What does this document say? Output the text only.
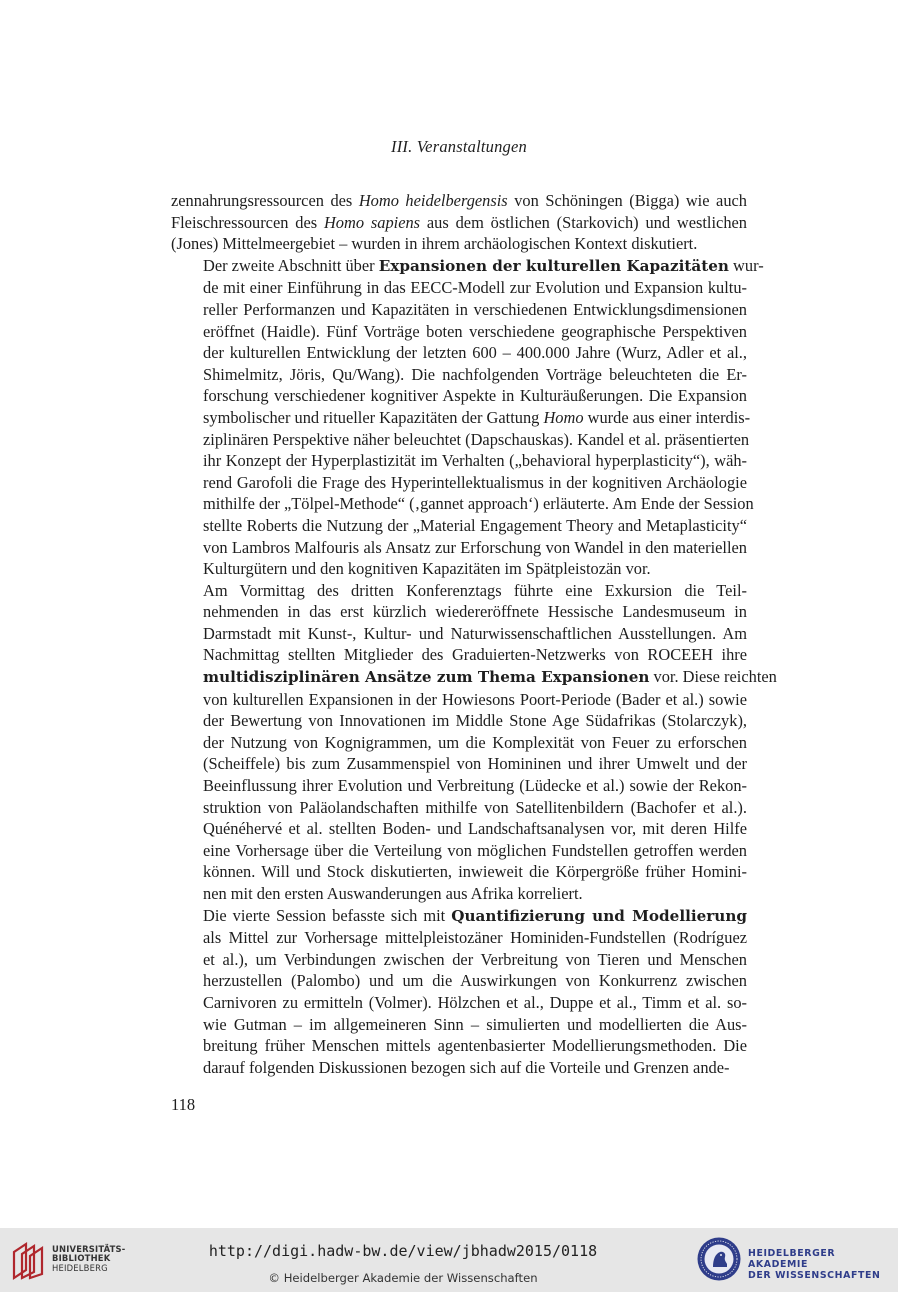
III. Veranstaltungen
zennahrungsressourcen des Homo heidelbergensis von Schöningen (Bigga) wie auch
Fleischressourcen des Homo sapiens aus dem östlichen (Starkovich) und westlichen
(Jones) Mittelmeergebiet – wurden in ihrem archäologischen Kontext diskutiert.
Der zweite Abschnitt über Expansionen der kulturellen Kapazitäten wur-
de mit einer Einführung in das EECC-Modell zur Evolution und Expansion kultu-
reller Performanzen und Kapazitäten in verschiedenen Entwicklungsdimensionen
eröffnet (Haidle). Fünf Vorträge boten verschiedene geographische Perspektiven
der kulturellen Entwicklung der letzten 600 – 400.000 Jahre (Wurz, Adler et al.,
Shimelmitz, Jöris, Qu/Wang). Die nachfolgenden Vorträge beleuchteten die Er-
forschung verschiedener kognitiver Aspekte in Kulturäußerungen. Die Expansion
symbolischer und ritueller Kapazitäten der Gattung Homo wurde aus einer interdis-
ziplinären Perspektive näher beleuchtet (Dapschauskas). Kandel et al. präsentierten
ihr Konzept der Hyperplastizität im Verhalten („behavioral hyperplasticity“), wäh-
rend Garofoli die Frage des Hyperintellektualismus in der kognitiven Archäologie
mithilfe der „Tölpel-Methode“ (‚gannet approach‘) erläuterte. Am Ende der Session
stellte Roberts die Nutzung der „Material Engagement Theory and Metaplasticity“
von Lambros Malfouris als Ansatz zur Erforschung von Wandel in den materiellen
Kulturgütern und den kognitiven Kapazitäten im Spätpleistozän vor.
Am Vormittag des dritten Konferenztags führte eine Exkursion die Teil-
nehmenden in das erst kürzlich wiedereröffnete Hessische Landesmuseum in
Darmstadt mit Kunst-, Kultur- und Naturwissenschaftlichen Ausstellungen. Am
Nachmittag stellten Mitglieder des Graduierten-Netzwerks von ROCEEH ihre
multidisziplinären Ansätze zum Thema Expansionen vor. Diese reichten
von kulturellen Expansionen in der Howiesons Poort-Periode (Bader et al.) sowie
der Bewertung von Innovationen im Middle Stone Age Südafrikas (Stolarczyk),
der Nutzung von Kognigrammen, um die Komplexität von Feuer zu erforschen
(Scheiffele) bis zum Zusammenspiel von Homininen und ihrer Umwelt und der
Beeinflussung ihrer Evolution und Verbreitung (Lüdecke et al.) sowie der Rekon-
struktion von Paläolandschaften mithilfe von Satellitenbildern (Bachofer et al.).
Quénéhervé et al. stellten Boden- und Landschaftsanalysen vor, mit deren Hilfe
eine Vorhersage über die Verteilung von möglichen Fundstellen getroffen werden
können. Will und Stock diskutierten, inwieweit die Körpergröße früher Homini-
nen mit den ersten Auswanderungen aus Afrika korreliert.
Die vierte Session befasste sich mit Quantifizierung und Modellierung
als Mittel zur Vorhersage mittelpleistozäner Hominiden-Fundstellen (Rodríguez
et al.), um Verbindungen zwischen der Verbreitung von Tieren und Menschen
herzustellen (Palombo) und um die Auswirkungen von Konkurrenz zwischen
Carnivoren zu ermitteln (Volmer). Hölzchen et al., Duppe et al., Timm et al. so-
wie Gutman – im allgemeineren Sinn – simulierten und modellierten die Aus-
breitung früher Menschen mittels agentenbasierter Modellierungsmethoden. Die
darauf folgenden Diskussionen bezogen sich auf die Vorteile und Grenzen ande-
118
UNIVERSITÄTS-
BIBLIOTHEK
HEIDELBERG
http://digi.hadw-bw.de/view/jbhadw2015/0118
© Heidelberger Akademie der Wissenschaften
HEIDELBERGER AKADEMIE
DER WISSENSCHAFTEN
